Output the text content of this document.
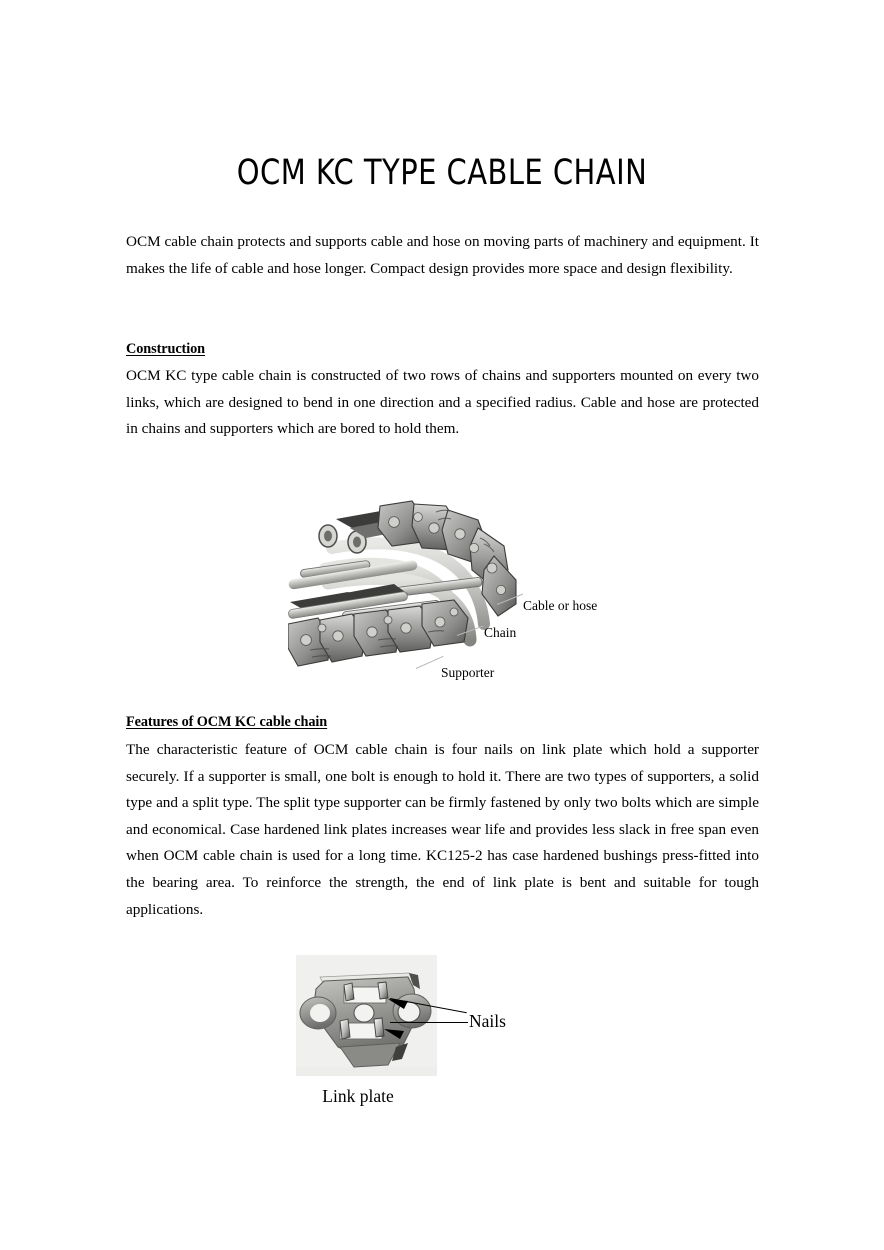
OCM KC TYPE CABLE CHAIN

OCM cable chain protects and supports cable and hose on moving parts of machinery and equipment. It makes the life of cable and hose longer. Compact design provides more space and design flexibility.

Construction

OCM KC type cable chain is constructed of two rows of chains and supporters mounted on every two links, which are designed to bend in one direction and a specified radius. Cable and hose are protected in chains and supporters which are bored to hold them.

Cable or hose
Chain
Supporter
Features of OCM KC cable chain

The characteristic feature of OCM cable chain is four nails on link plate which hold a supporter securely. If a supporter is small, one bolt is enough to hold it. There are two types of supporters, a solid type and a split type. The split type supporter can be firmly fastened by only two bolts which are simple and economical. Case hardened link plates increases wear life and provides less slack in free span even when OCM cable chain is used for a long time. KC125-2 has case hardened bushings press-fitted into the bearing area. To reinforce the strength, the end of link plate is bent and suitable for tough applications.

Nails
Link plate
